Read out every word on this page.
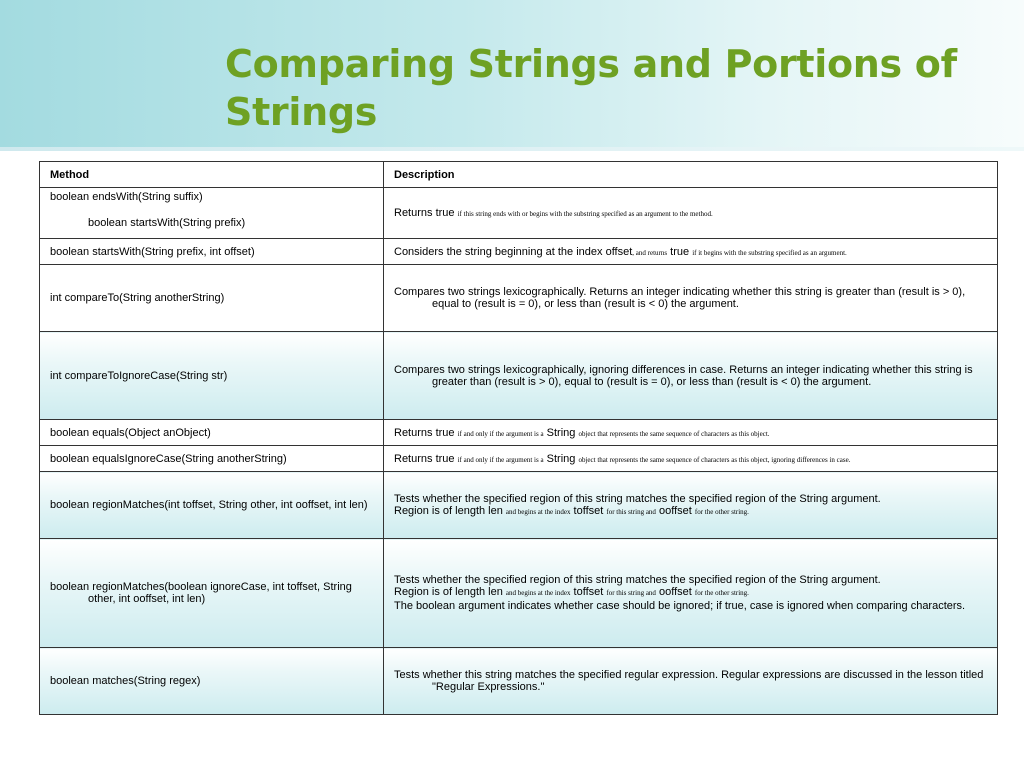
Comparing Strings and Portions of Strings
Method	Description

boolean endsWith(String suffix)
boolean startsWith(String prefix)	Returns true if this string ends with or begins with the substring specified as an argument to the method.
boolean startsWith(String prefix, int offset)	Considers the string beginning at the index offset, and returns true if it begins with the substring specified as an argument.
int compareTo(String anotherString)	Compares two strings lexicographically. Returns an integer indicating whether this string is greater than (result is > 0), equal to (result is = 0), or less than (result is < 0) the argument.

int compareToIgnoreCase(String str)	Compares two strings lexicographically, ignoring differences in case. Returns an integer indicating whether this string is greater than (result is > 0), equal to (result is = 0), or less than (result is < 0) the argument.

boolean equals(Object anObject)	Returns true if and only if the argument is a String object that represents the same sequence of characters as this object.
boolean equalsIgnoreCase(String anotherString)	Returns true if and only if the argument is a String object that represents the same sequence of characters as this object, ignoring differences in case.

boolean regionMatches(int toffset, String other, int ooffset, int len)	Tests whether the specified region of this string matches the specified region of the String argument.
Region is of length len and begins at the index toffset for this string and ooffset for the other string.

boolean regionMatches(boolean ignoreCase, int toffset, String other, int ooffset, int len)	Tests whether the specified region of this string matches the specified region of the String argument.
Region is of length len and begins at the index toffset for this string and ooffset for the other string.
The boolean argument indicates whether case should be ignored; if true, case is ignored when comparing characters.

boolean matches(String regex)	Tests whether this string matches the specified regular expression. Regular expressions are discussed in the lesson titled "Regular Expressions."
